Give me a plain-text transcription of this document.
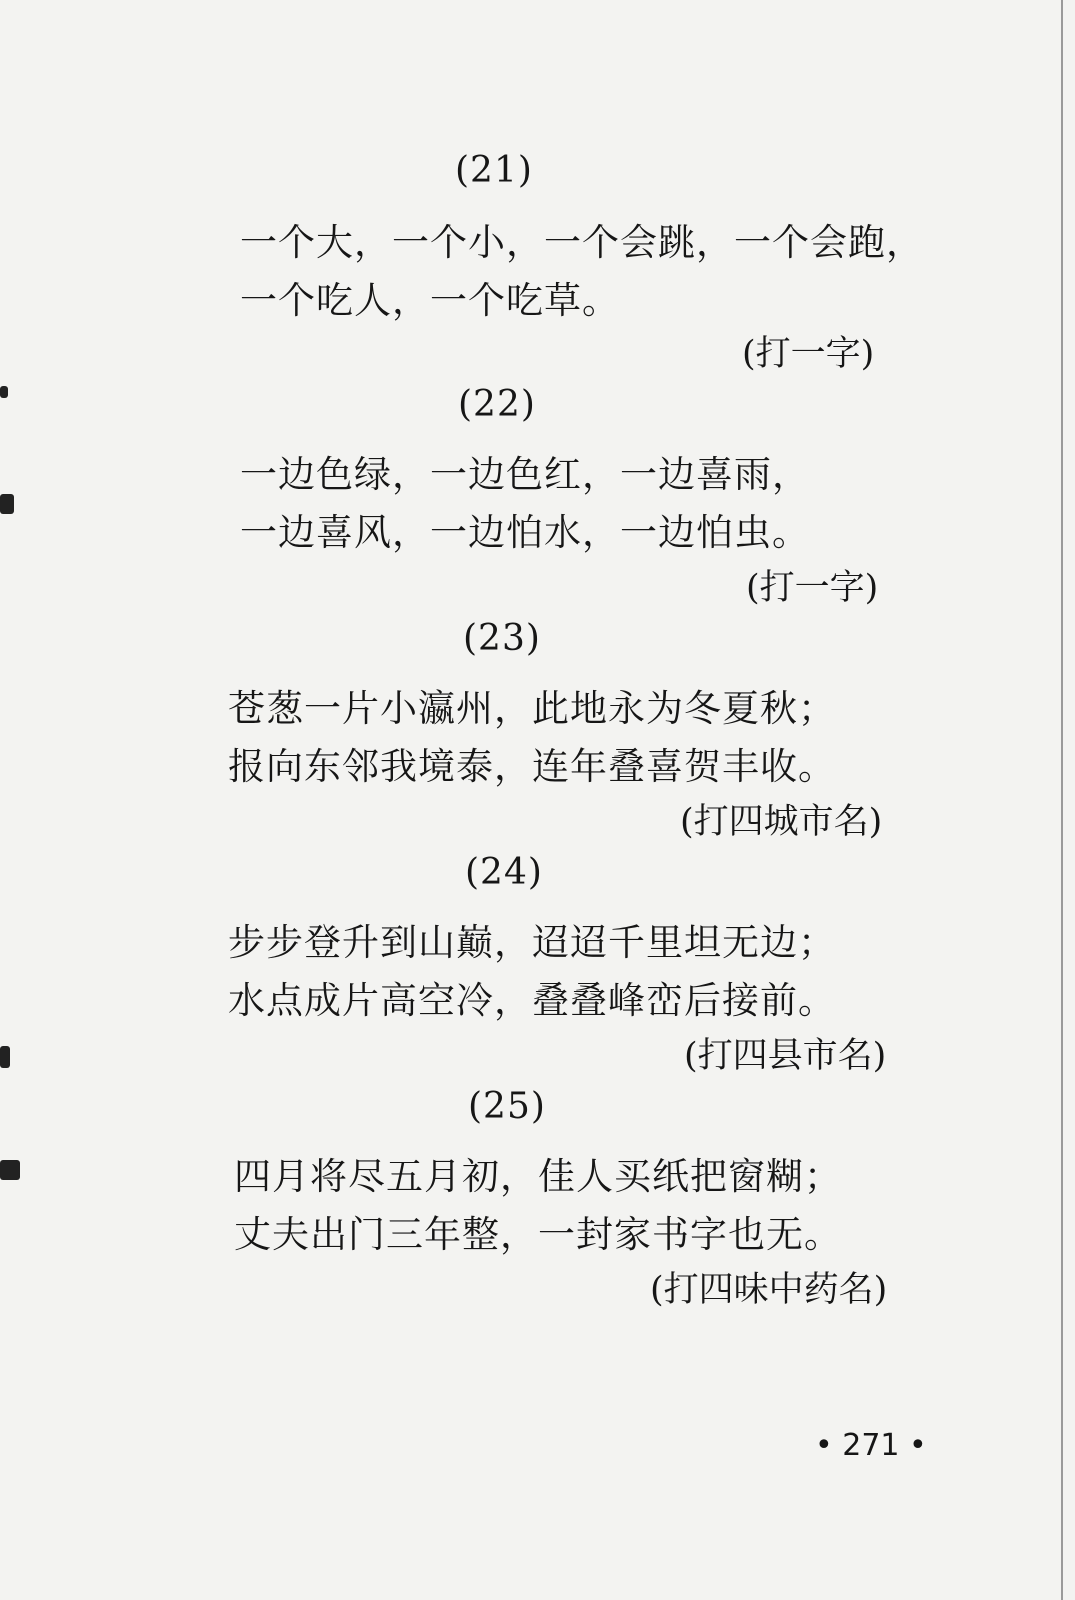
(21)
一个大，一个小，一个会跳，一个会跑，
一个吃人，一个吃草。
(打一字)
(22)
一边色绿，一边色红，一边喜雨，
一边喜风，一边怕水，一边怕虫。
(打一字)
(23)
苍葱一片小瀛州，此地永为冬夏秋；
报向东邻我境泰，连年叠喜贺丰收。
(打四城市名)
(24)
步步登升到山巅，迢迢千里坦无边；
水点成片高空冷，叠叠峰峦后接前。
(打四县市名)
(25)
四月将尽五月初，佳人买纸把窗糊；
丈夫出门三年整，一封家书字也无。
(打四味中药名)
• 271 •
